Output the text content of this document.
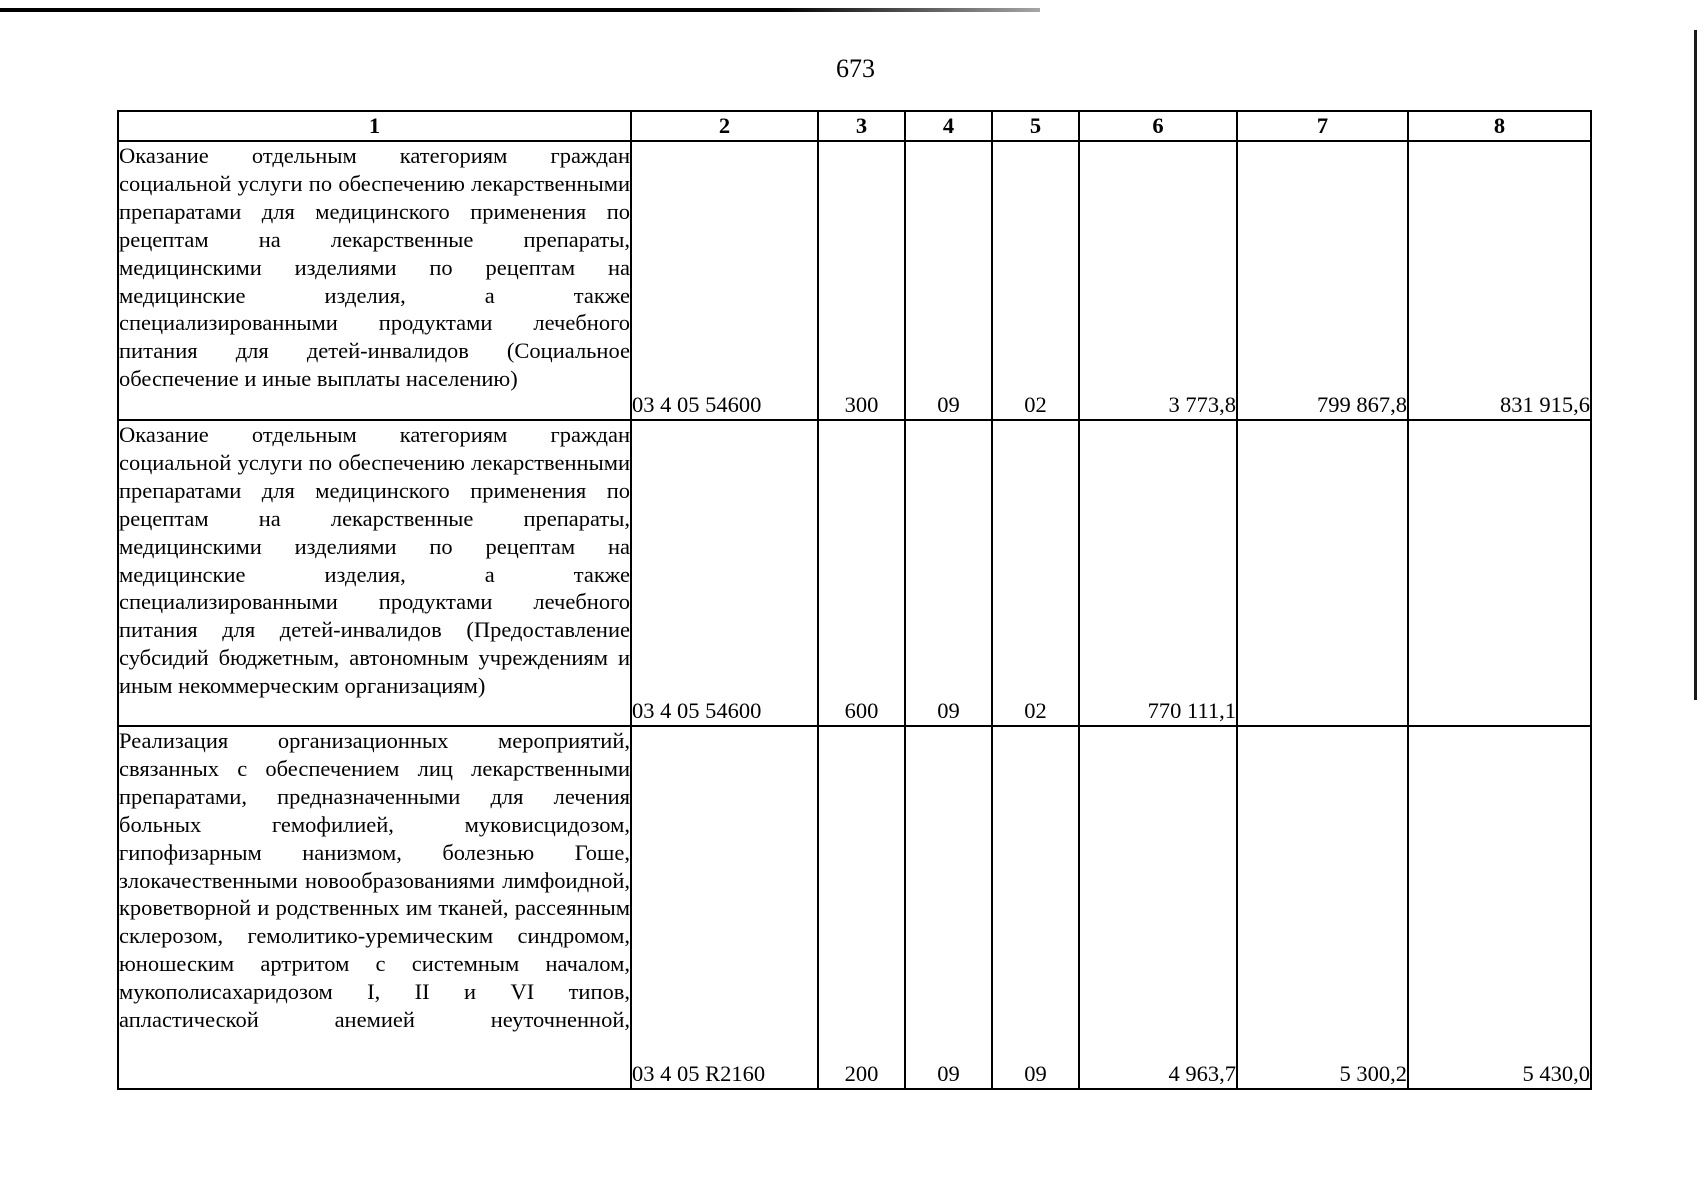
673
1	2	3	4	5	6	7	8
Оказание отдельным категориям граждан социальной услуги по обеспечению лекарственными препаратами для медицинского применения по рецептам на лекарственные препараты, медицинскими изделиями по рецептам на медицинские изделия, а также специализированными продуктами лечебного питания для детей-инвалидов (Социальное обеспечение и иные выплаты населению)	03 4 05 54600	300	09	02	3 773,8	799 867,8	831 915,6
Оказание отдельным категориям граждан социальной услуги по обеспечению лекарственными препаратами для медицинского применения по рецептам на лекарственные препараты, медицинскими изделиями по рецептам на медицинские изделия, а также специализированными продуктами лечебного питания для детей-инвалидов (Предоставление субсидий бюджетным, автономным учреждениям и иным некоммерческим организациям)	03 4 05 54600	600	09	02	770 111,1		

Реализация организационных мероприятий, связанных с обеспечением лиц лекарственными препаратами, предназначенными для лечения больных гемофилией, муковисцидозом, гипофизарным нанизмом, болезнью Гоше, злокачественными новообразованиями лимфоидной, кроветворной и родственных им тканей, рассеянным склерозом, гемолитико-уремическим синдромом, юношеским артритом с системным началом, мукополисахаридозом I, II и VI типов, апластической анемией неуточненной,	03 4 05 R2160	200	09	09	4 963,7	5 300,2	5 430,0
